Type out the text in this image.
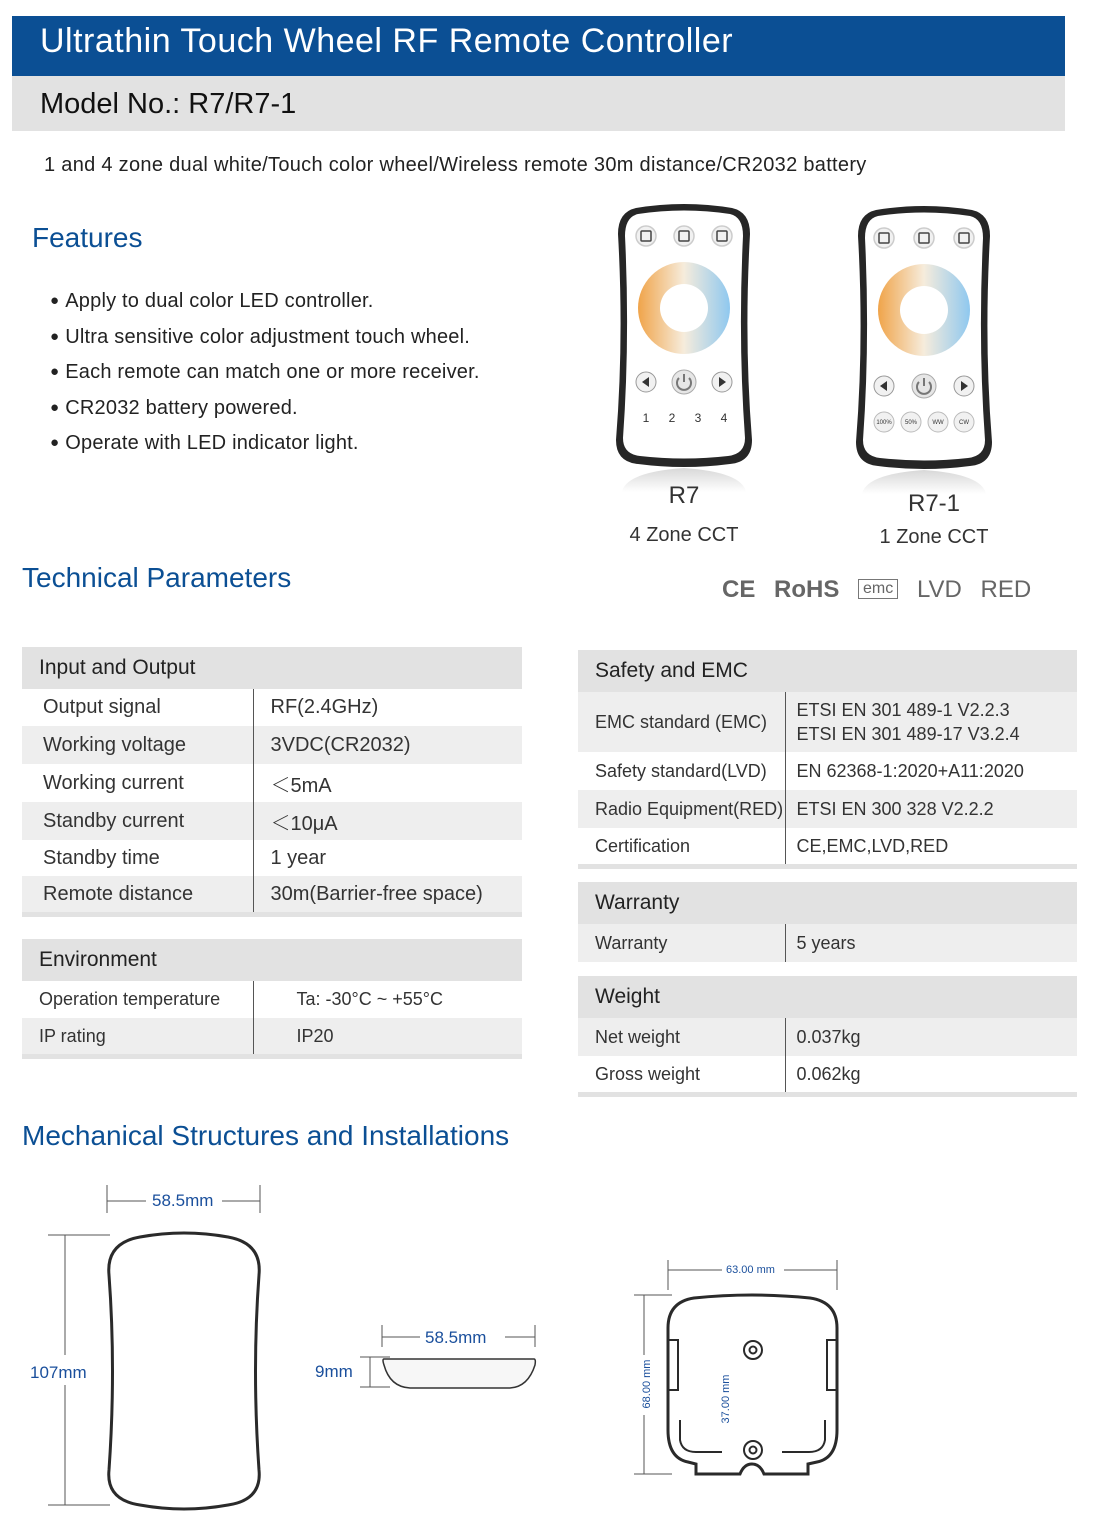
Ultrathin Touch Wheel RF Remote Controller
Model No.: R7/R7-1
1 and 4 zone dual white/Touch color wheel/Wireless remote 30m distance/CR2032 battery
Features
● Apply to dual color LED controller.
● Ultra sensitive color adjustment touch wheel.
● Each remote can match one or more receiver.
● CR2032 battery powered.
● Operate with LED indicator light.
1 2 3 4
R7
4 Zone CCT
100% 50%	WW	CW
R7-1
1 Zone CCT
Technical Parameters	CE RoHS emc LVD RED
Input and Output	
Output signal	RF(2.4GHz)
Working voltage	3VDC(CR2032)
Working current	＜5mA
Standby current	＜10μA
Standby time	1 year
Remote distance	30m(Barrier-free space)

Environment	
Operation temperature	Ta: -30°C ~ +55°C
IP rating	IP20

Safety and EMC	
EMC standard (EMC)	ETSI EN 301 489-1 V2.2.3
ETSI EN 301 489-17 V3.2.4

Safety standard(LVD)	EN 62368-1:2020+A11:2020
Radio Equipment(RED)	ETSI EN 300 328 V2.2.2
Certification	CE,EMC,LVD,RED

Warranty
Warranty	5 years
Weight	
Net weight	0.037kg
Gross weight	0.062kg

Mechanical Structures and Installations
58.5mm
107mm
58.5mm
9mm
63.00 mm
68.00 mm	37.00 mm
